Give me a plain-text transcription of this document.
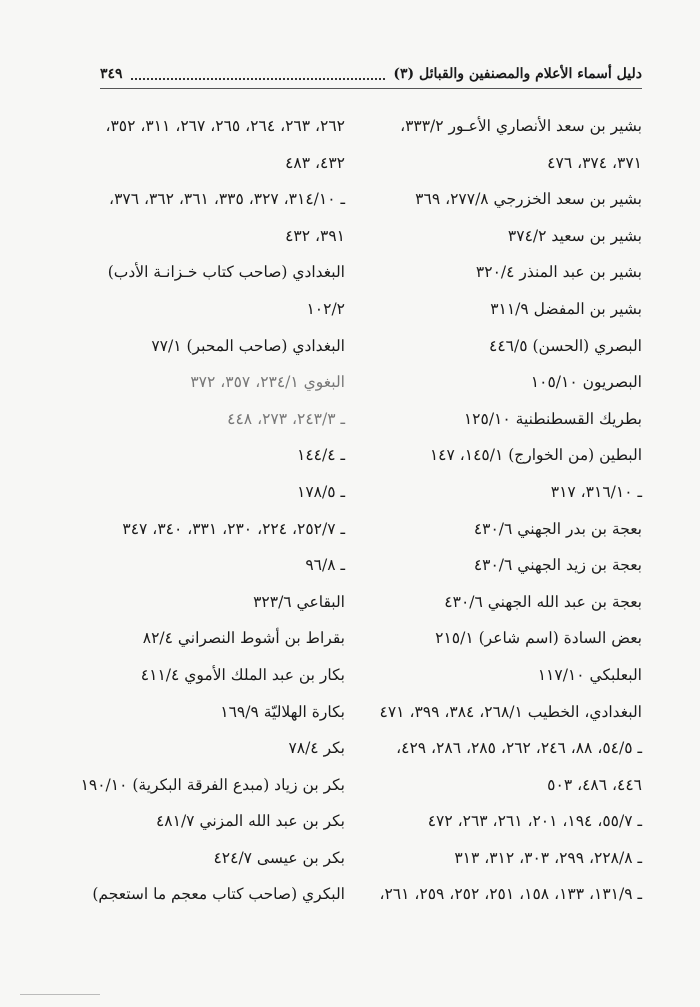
دليل أسماء الأعلام والمصنفين والقبائل (٣)
٣٤٩
بشير بن سعد الأنصاري الأعـور ٣٣٣/٢،
٣٧١، ٣٧٤، ٤٧٦
بشير بن سعد الخزرجي ٢٧٧/٨، ٣٦٩
بشير بن سعيد ٣٧٤/٢
بشير بن عبد المنذر ٣٢٠/٤
بشير بن المفضل ٣١١/٩
البصري (الحسن) ٤٤٦/٥
البصريون ١٠٥/١٠
بطريك القسطنطنية ١٢٥/١٠
البطين (من الخوارج) ١٤٥/١، ١٤٧
ـ ٣١٦/١٠، ٣١٧
بعجة بن بدر الجهني ٤٣٠/٦
بعجة بن زيد الجهني ٤٣٠/٦
بعجة بن عبد الله الجهني ٤٣٠/٦
بعض السادة (اسم شاعر) ٢١٥/١
البعلبكي ١١٧/١٠
البغدادي، الخطيب ٢٦٨/١، ٣٨٤، ٣٩٩، ٤٧١
ـ ٥٤/٥، ٨٨، ٢٤٦، ٢٦٢، ٢٨٥، ٢٨٦، ٤٢٩،
٤٤٦، ٤٨٦، ٥٠٣
ـ ٥٥/٧، ١٩٤، ٢٠١، ٢٦١، ٢٦٣، ٤٧٢
ـ ٢٢٨/٨، ٢٩٩، ٣٠٣، ٣١٢، ٣١٣
ـ ١٣١/٩، ١٣٣، ١٥٨، ٢٥١، ٢٥٢، ٢٥٩، ٢٦١،
٢٦٢، ٢٦٣، ٢٦٤، ٢٦٥، ٢٦٧، ٣١١، ٣٥٢،
٤٣٢، ٤٨٣
ـ ٣١٤/١٠، ٣٢٧، ٣٣٥، ٣٦١، ٣٦٢، ٣٧٦،
٣٩١، ٤٣٢
البغدادي (صاحب كتاب خـزانـة الأدب)
١٠٢/٢
البغدادي (صاحب المحبر) ٧٧/١
البغوي ٢٣٤/١، ٣٥٧، ٣٧٢
ـ ٢٤٣/٣، ٢٧٣، ٤٤٨
ـ ١٤٤/٤
ـ ١٧٨/٥
ـ ٢٥٢/٧، ٢٢٤، ٢٣٠، ٣٣١، ٣٤٠، ٣٤٧
ـ ٩٦/٨
البقاعي ٣٢٣/٦
بقراط بن أشوط النصراني ٨٢/٤
بكار بن عبد الملك الأموي ٤١١/٤
بكارة الهلاليّة ١٦٩/٩
بكر ٧٨/٤
بكر بن زياد (مبدع الفرقة البكرية) ١٩٠/١٠
بكر بن عبد الله المزني ٤٨١/٧
بكر بن عيسى ٤٢٤/٧
البكري (صاحب كتاب معجم ما استعجم)
